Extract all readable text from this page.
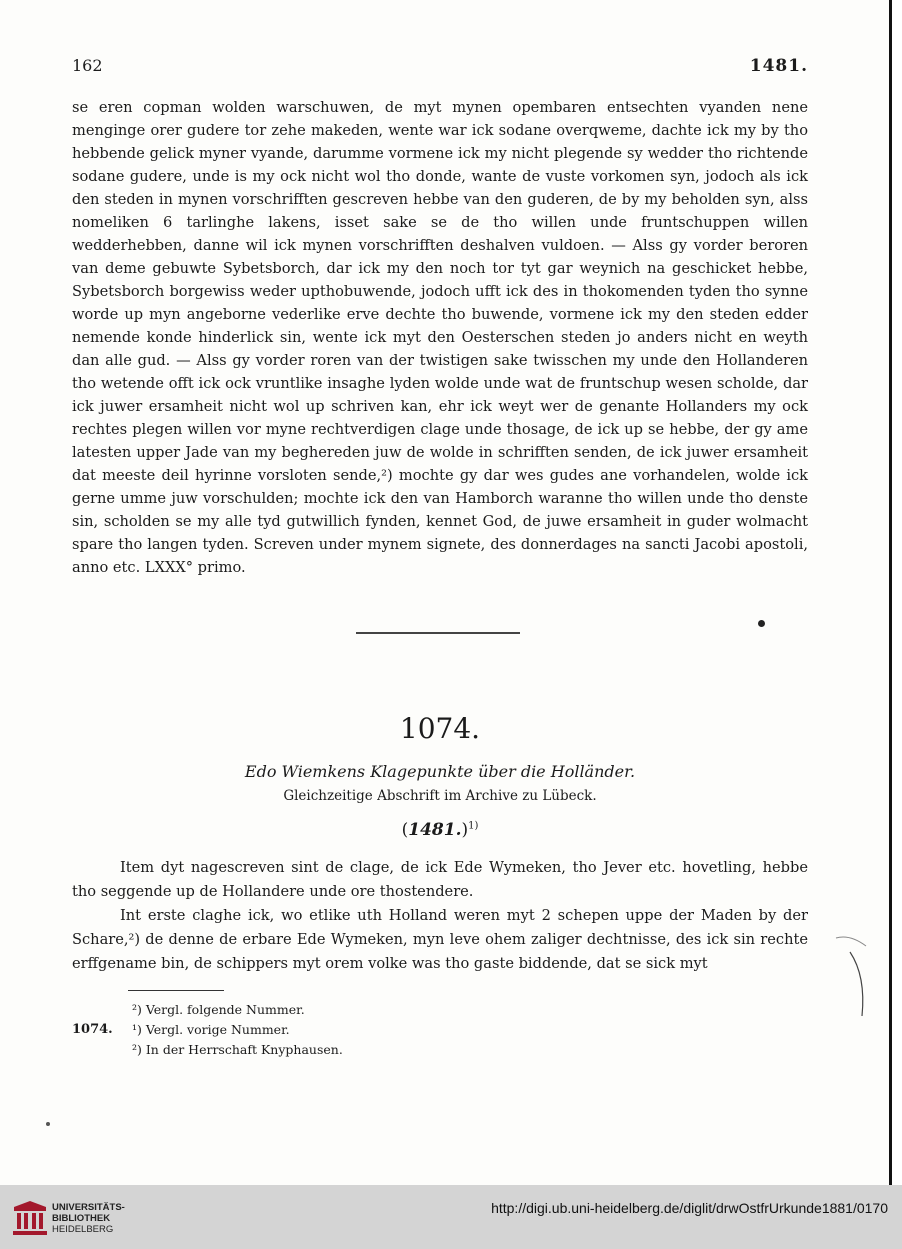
162	1481.

se eren copman wolden warschuwen, de myt mynen opembaren entsechten vyanden nene menginge orer gudere tor zehe makeden, wente war ick sodane overqweme, dachte ick my by tho hebbende gelick myner vyande, darumme vormene ick my nicht plegende sy wedder tho richtende sodane gudere, unde is my ock nicht wol tho donde, wante de vuste vorkomen syn, jodoch als ick den steden in mynen vorschrifften gescreven hebbe van den guderen, de by my beholden syn, alss nomeliken 6 tarlinghe lakens, isset sake se de tho willen unde fruntschuppen willen wedderhebben, danne wil ick mynen vorschrifften deshalven vuldoen. — Alss gy vorder beroren van deme gebuwte Sybetsborch, dar ick my den noch tor tyt gar weynich na geschicket hebbe, Sybetsborch borgewiss weder upthobuwende, jodoch ufft ick des in thokomenden tyden tho synne worde up myn angeborne vederlike erve dechte tho buwende, vormene ick my den steden edder nemende konde hinderlick sin, wente ick myt den Oesterschen steden jo anders nicht en weyth dan alle gud. — Alss gy vorder roren van der twistigen sake twisschen my unde den Hollanderen tho wetende offt ick ock vruntlike insaghe lyden wolde unde wat de fruntschup wesen scholde, dar ick juwer ersamheit nicht wol up schriven kan, ehr ick weyt wer de genante Hollanders my ock rechtes plegen willen vor myne rechtverdigen clage unde thosage, de ick up se hebbe, der gy ame latesten upper Jade van my beghereden juw de wolde in schrifften senden, de ick juwer ersamheit dat meeste deil hyrinne vorsloten sende,²) mochte gy dar wes gudes ane vorhandelen, wolde ick gerne umme juw vorschulden; mochte ick den van Hamborch waranne tho willen unde tho denste sin, scholden se my alle tyd gutwillich fynden, kennet God, de juwe ersamheit in guder wolmacht spare tho langen tyden. Screven under mynem signete, des donnerdages na sancti Jacobi apostoli, anno etc. LXXX° primo.

1074.
Edo Wiemkens Klagepunkte über die Holländer.
Gleichzeitige Abschrift im Archive zu Lübeck.
$(1481.)^{1)}$

Item dyt nagescreven sint de clage, de ick Ede Wymeken, tho Jever etc. hovetling, hebbe tho seggende up de Hollandere unde ore thostendere.

Int erste claghe ick, wo etlike uth Holland weren myt 2 schepen uppe der Maden by der Schare,²) de denne de erbare Ede Wymeken, myn leve ohem zaliger dechtnisse, des ick sin rechte erffgename bin, de schippers myt orem volke was tho gaste biddende, dat se sick myt

²) Vergl. folgende Nummer.
1074. ¹) Vergl. vorige Nummer.
²) In der Herrschaft Knyphausen.
UNIVERSITÄTS-
BIBLIOTHEK
HEIDELBERG
http://digi.ub.uni-heidelberg.de/diglit/drwOstfrUrkunde1881/0170
